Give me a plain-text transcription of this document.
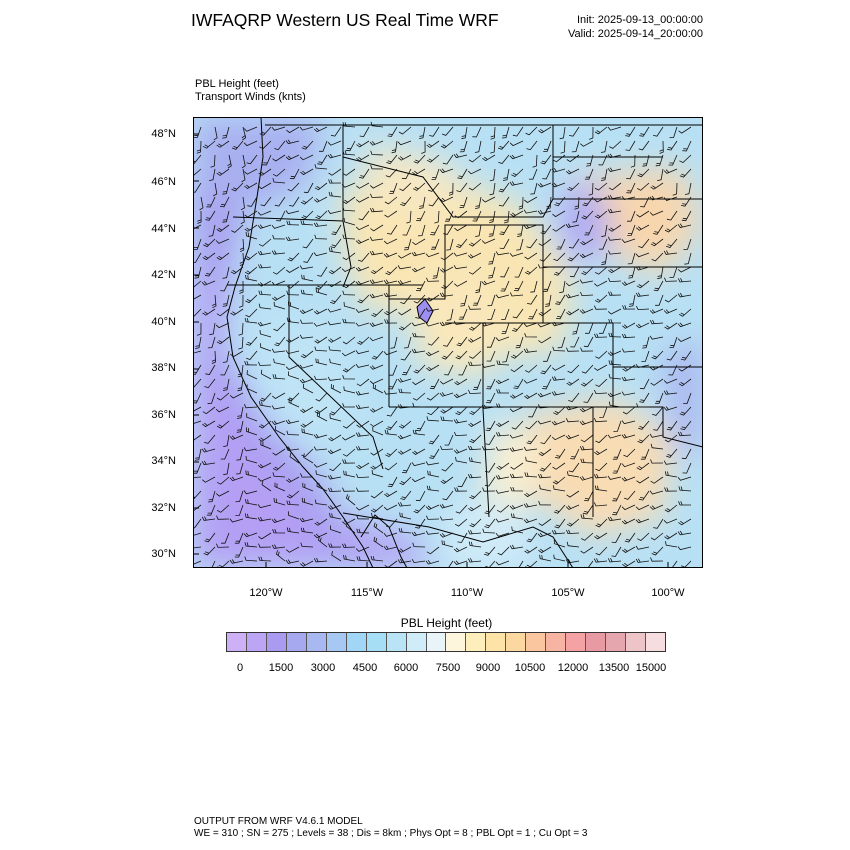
IWFAQRP Western US Real Time WRF	Init: 2025-09-13_00:00:00
Valid: 2025-09-14_20:00:00
PBL Height (feet)
Transport Winds (knts)
48°N
46°N
44°N
42°N
40°N
38°N
36°N
34°N
32°N
30°N
120°W	115°W	110°W	105°W	100°W
PBL Height (feet)
0	1500	3000	4500	6000	7500	9000	10500	12000 13500 15000
OUTPUT FROM WRF V4.6.1 MODEL
WE = 310 ; SN = 275 ; Levels = 38 ; Dis = 8km ; Phys Opt = 8 ; PBL Opt = 1 ; Cu Opt = 3
